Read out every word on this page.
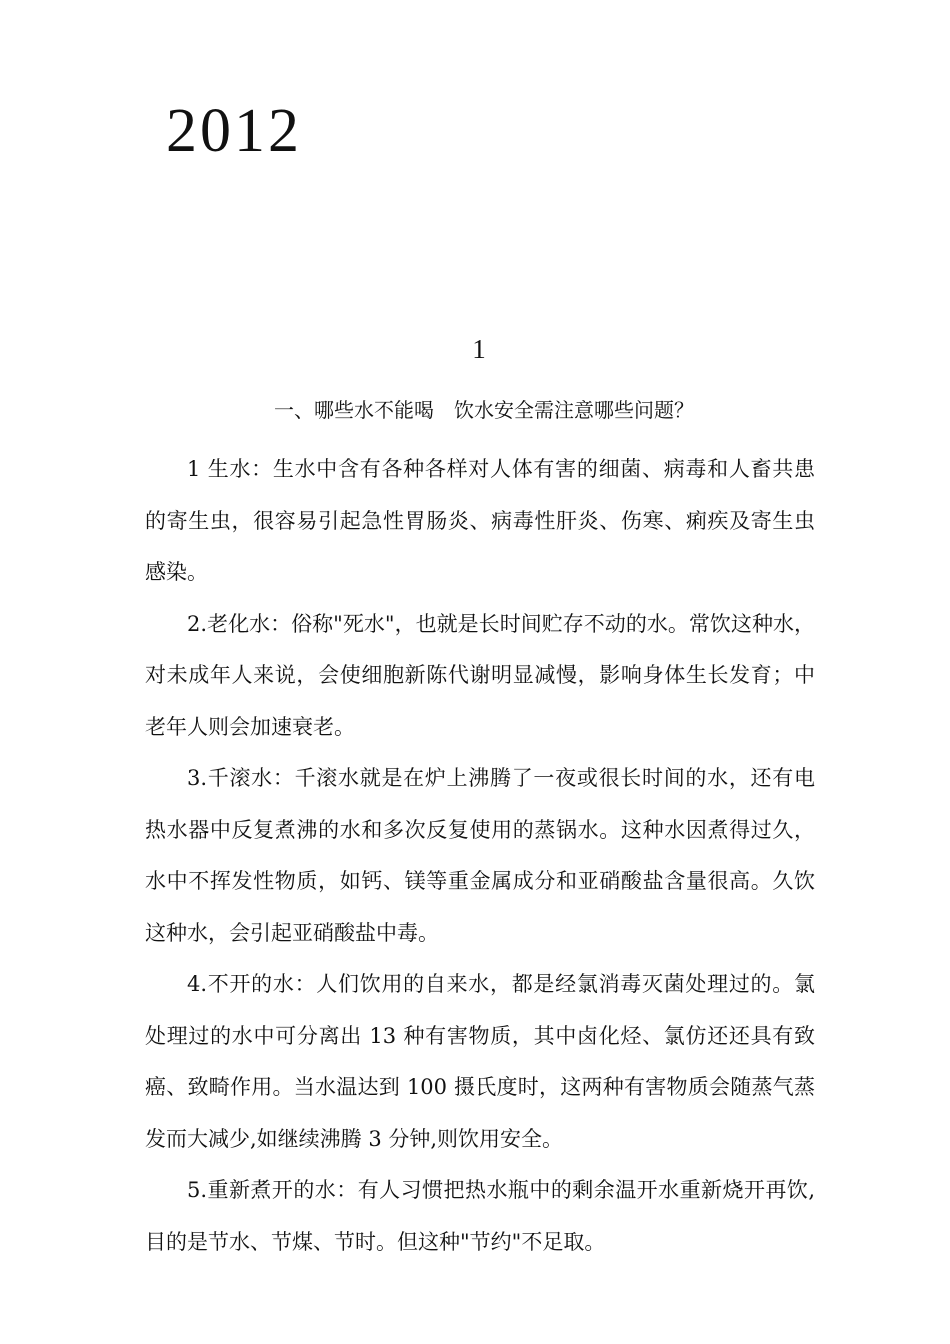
2012
1
一、哪些水不能喝　饮水安全需注意哪些问题？

1 生水：生水中含有各种各样对人体有害的细菌、病毒和人畜共患的寄生虫，很容易引起急性胃肠炎、病毒性肝炎、伤寒、痢疾及寄生虫感染。

2.老化水：俗称"死水"，也就是长时间贮存不动的水。常饮这种水，对未成年人来说，会使细胞新陈代谢明显减慢，影响身体生长发育；中老年人则会加速衰老。

3.千滚水：千滚水就是在炉上沸腾了一夜或很长时间的水，还有电热水器中反复煮沸的水和多次反复使用的蒸锅水。这种水因煮得过久，水中不挥发性物质，如钙、镁等重金属成分和亚硝酸盐含量很高。久饮这种水，会引起亚硝酸盐中毒。

4.不开的水：人们饮用的自来水，都是经氯消毒灭菌处理过的。氯处理过的水中可分离出 13 种有害物质，其中卤化烃、氯仿还还具有致癌、致畸作用。当水温达到 100 摄氏度时，这两种有害物质会随蒸气蒸发而大减少,如继续沸腾 3 分钟,则饮用安全。

5.重新煮开的水：有人习惯把热水瓶中的剩余温开水重新烧开再饮,目的是节水、节煤、节时。但这种"节约"不足取。
